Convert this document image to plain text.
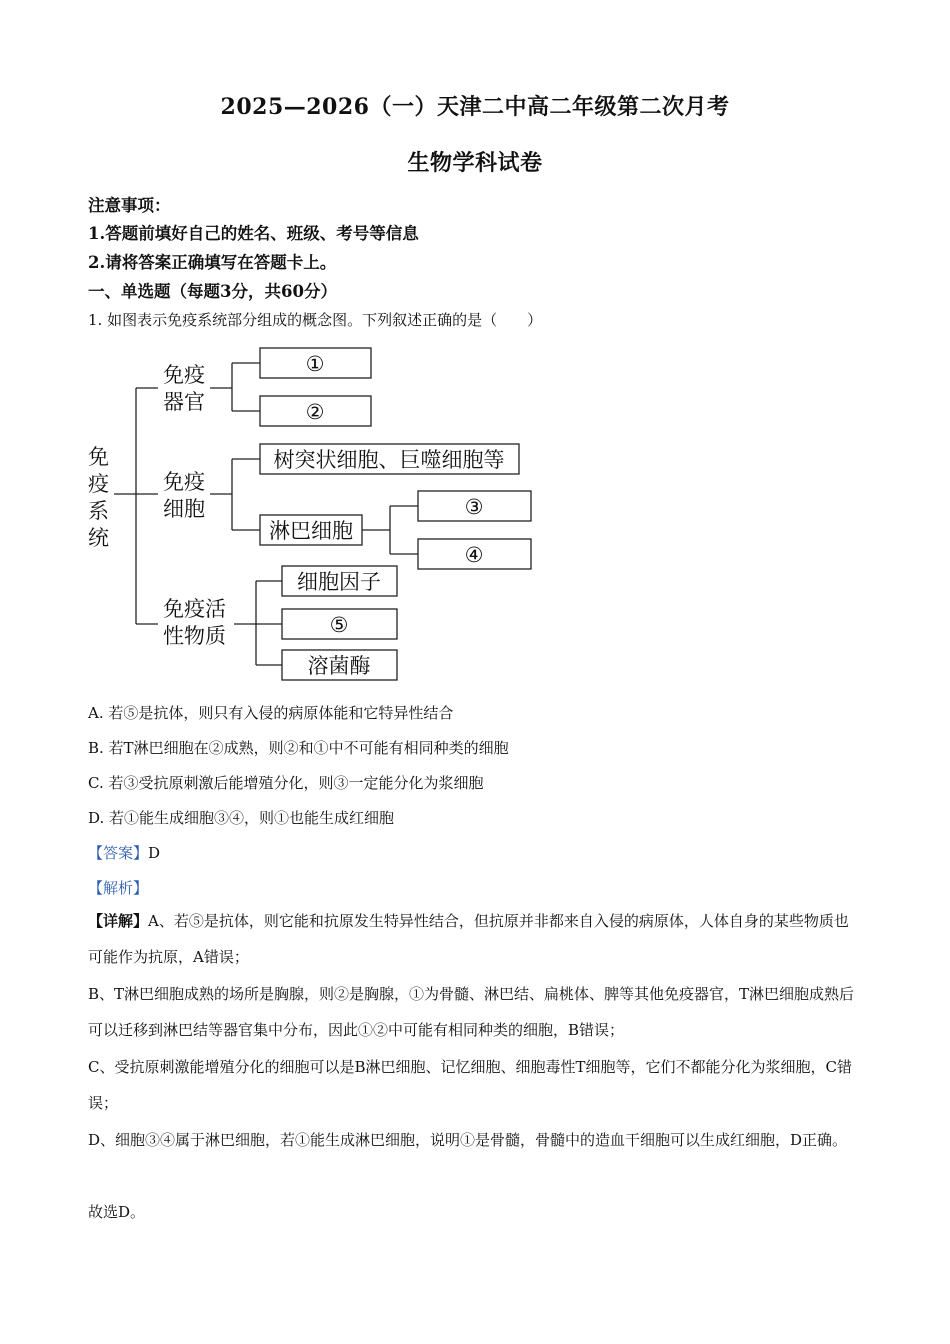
2025—2026（一）天津二中高二年级第二次月考
生物学科试卷
注意事项：
1.答题前填好自己的姓名、班级、考号等信息
2.请将答案正确填写在答题卡上。
一、单选题（每题3分，共60分）
1. 如图表示免疫系统部分组成的概念图。下列叙述正确的是（　　）
免
疫
系
统
免疫
器官
免疫
细胞
免疫活
性物质
①
②
树突状细胞、巨噬细胞等
淋巴细胞
③
④
细胞因子
⑤
溶菌酶
A. 若⑤是抗体，则只有入侵的病原体能和它特异性结合
B. 若T淋巴细胞在②成熟，则②和①中不可能有相同种类的细胞
C. 若③受抗原刺激后能增殖分化，则③一定能分化为浆细胞
D. 若①能生成细胞③④，则①也能生成红细胞
【答案】D
【解析】
【详解】A、若⑤是抗体，则它能和抗原发生特异性结合，但抗原并非都来自入侵的病原体，人体自身的某些物质也可能作为抗原，A错误；
B、T淋巴细胞成熟的场所是胸腺，则②是胸腺，①为骨髓、淋巴结、扁桃体、脾等其他免疫器官，T淋巴细胞成熟后可以迁移到淋巴结等器官集中分布，因此①②中可能有相同种类的细胞，B错误；
C、受抗原刺激能增殖分化的细胞可以是B淋巴细胞、记忆细胞、细胞毒性T细胞等，它们不都能分化为浆细胞，C错误；
D、细胞③④属于淋巴细胞，若①能生成淋巴细胞，说明①是骨髓，骨髓中的造血干细胞可以生成红细胞，D正确。
故选D。
